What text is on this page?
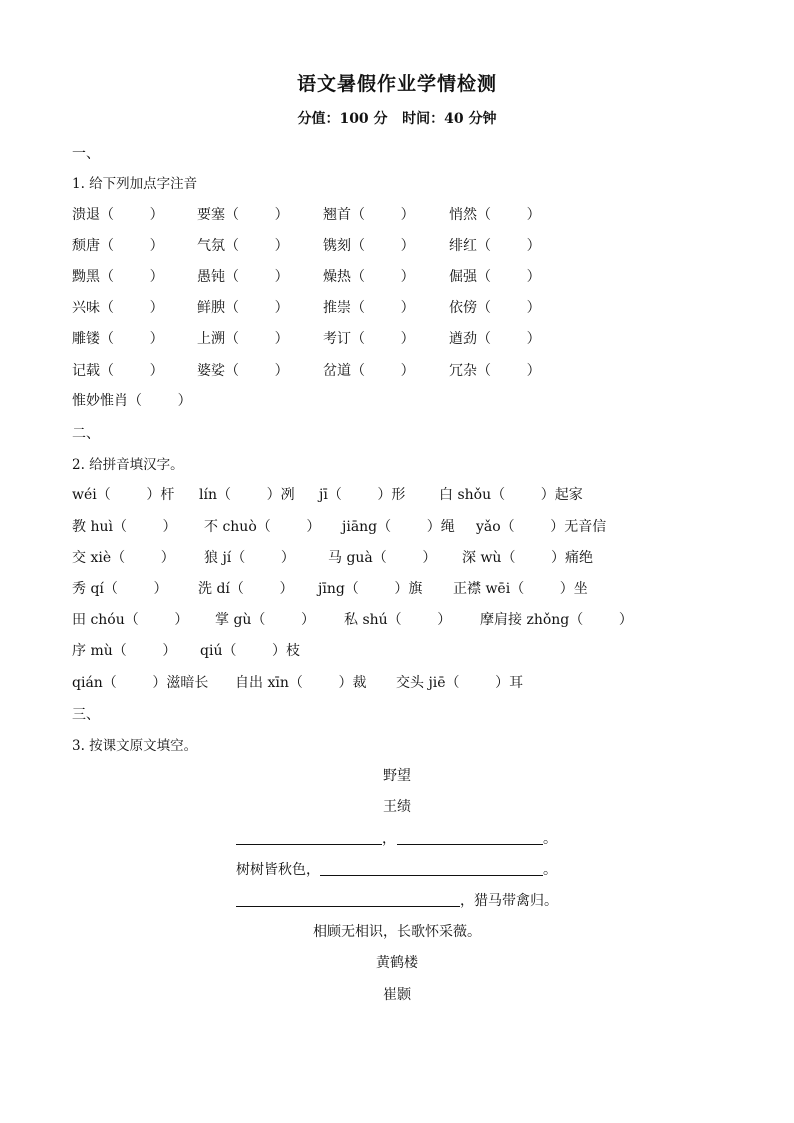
语文暑假作业学情检测
分值：100 分   时间：40 分钟
一、
1. 给下列加点字注音
溃退（        ） 要塞（        ） 翘首（        ） 悄然（        ）
颓唐（        ） 气氛（        ） 镌刻（        ） 绯红（        ）
黝黑（        ） 愚钝（        ） 燥热（        ） 倔强（        ）
兴味（        ） 鲜腴（        ） 推崇（        ） 依傍（        ）
雕镂（        ） 上溯（        ） 考订（        ） 遒劲（        ）
记载（        ） 婆娑（        ） 岔道（        ） 冗杂（        ）
惟妙惟肖（        ）
二、
2. 给拼音填汉字。
wéi（        ）杆 lín（        ）冽 jī（        ）形 白 shǒu（        ）起家
教 huì（        ） 不 chuò（        ） jiāng（        ）绳 yǎo（        ）无音信
交 xiè（        ） 狼 jí（        ） 马 guà（        ） 深 wù（        ）痛绝
秀 qí（        ） 洗 dí（        ） jīng（        ）旗 正襟 wēi（        ）坐
田 chóu（        ） 掌 gù（        ） 私 shú（        ） 摩肩接 zhǒng（        ）
序 mù（        ） qiú（        ）枝
qián（        ）滋暗长 自出 xīn（        ）裁 交头 jiē（        ）耳
三、
3. 按课文原文填空。
野望
王绩
，	。
树树皆秋色，	。
，猎马带禽归。
相顾无相识，长歌怀采薇。
黄鹤楼
崔颢
